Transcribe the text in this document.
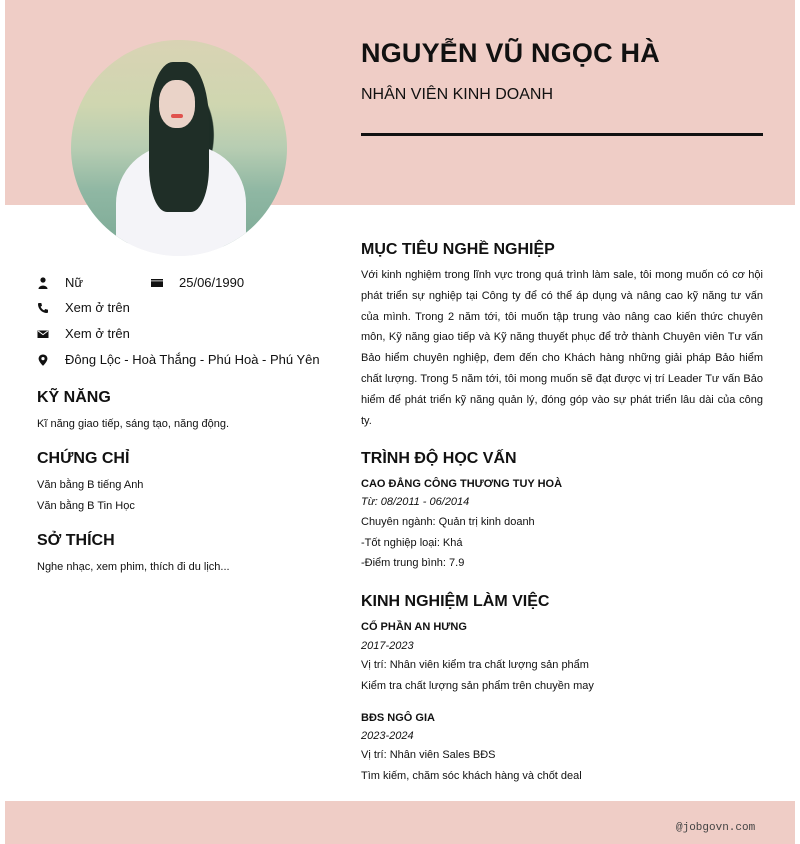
NGUYỄN VŨ NGỌC HÀ
NHÂN VIÊN KINH DOANH
Nữ	25/06/1990
Xem ở trên
Xem ở trên
Đông Lộc - Hoà Thắng - Phú Hoà - Phú Yên
KỸ NĂNG
Kĩ năng giao tiếp, sáng tạo, năng động.
CHỨNG CHỈ
Văn bằng B tiếng Anh
Văn bằng B Tin Học
SỞ THÍCH
Nghe nhạc, xem phim, thích đi du lịch...
MỤC TIÊU NGHỀ NGHIỆP
Với kinh nghiệm trong lĩnh vực trong quá trình làm sale, tôi mong muốn có cơ hội phát triển sự nghiệp tại Công ty để có thể áp dụng và nâng cao kỹ năng tư vấn của mình. Trong 2 năm tới, tôi muốn tập trung vào nâng cao kiến thức chuyên môn, Kỹ năng giao tiếp và Kỹ năng thuyết phục để trở thành Chuyên viên Tư vấn Bảo hiểm chuyên nghiệp, đem đến cho Khách hàng những giải pháp Bảo hiểm chất lượng. Trong 5 năm tới, tôi mong muốn sẽ đạt được vị trí Leader Tư vấn Bảo hiểm để phát triển kỹ năng quản lý, đóng góp vào sự phát triển lâu dài của công ty.
TRÌNH ĐỘ HỌC VẤN
CAO ĐẲNG CÔNG THƯƠNG TUY HOÀ
Từ: 08/2011 - 06/2014
Chuyên ngành: Quản trị kinh doanh
-Tốt nghiệp loại: Khá
-Điểm trung bình: 7.9
KINH NGHIỆM LÀM VIỆC
CỔ PHẦN AN HƯNG
2017-2023
Vị trí: Nhân viên kiểm tra chất lượng sản phẩm
Kiểm tra chất lượng sản phẩm trên chuyền may
BĐS NGÔ GIA
2023-2024
Vị trí: Nhân viên Sales BĐS
Tìm kiếm, chăm sóc khách hàng và chốt deal
@jobgovn.com
